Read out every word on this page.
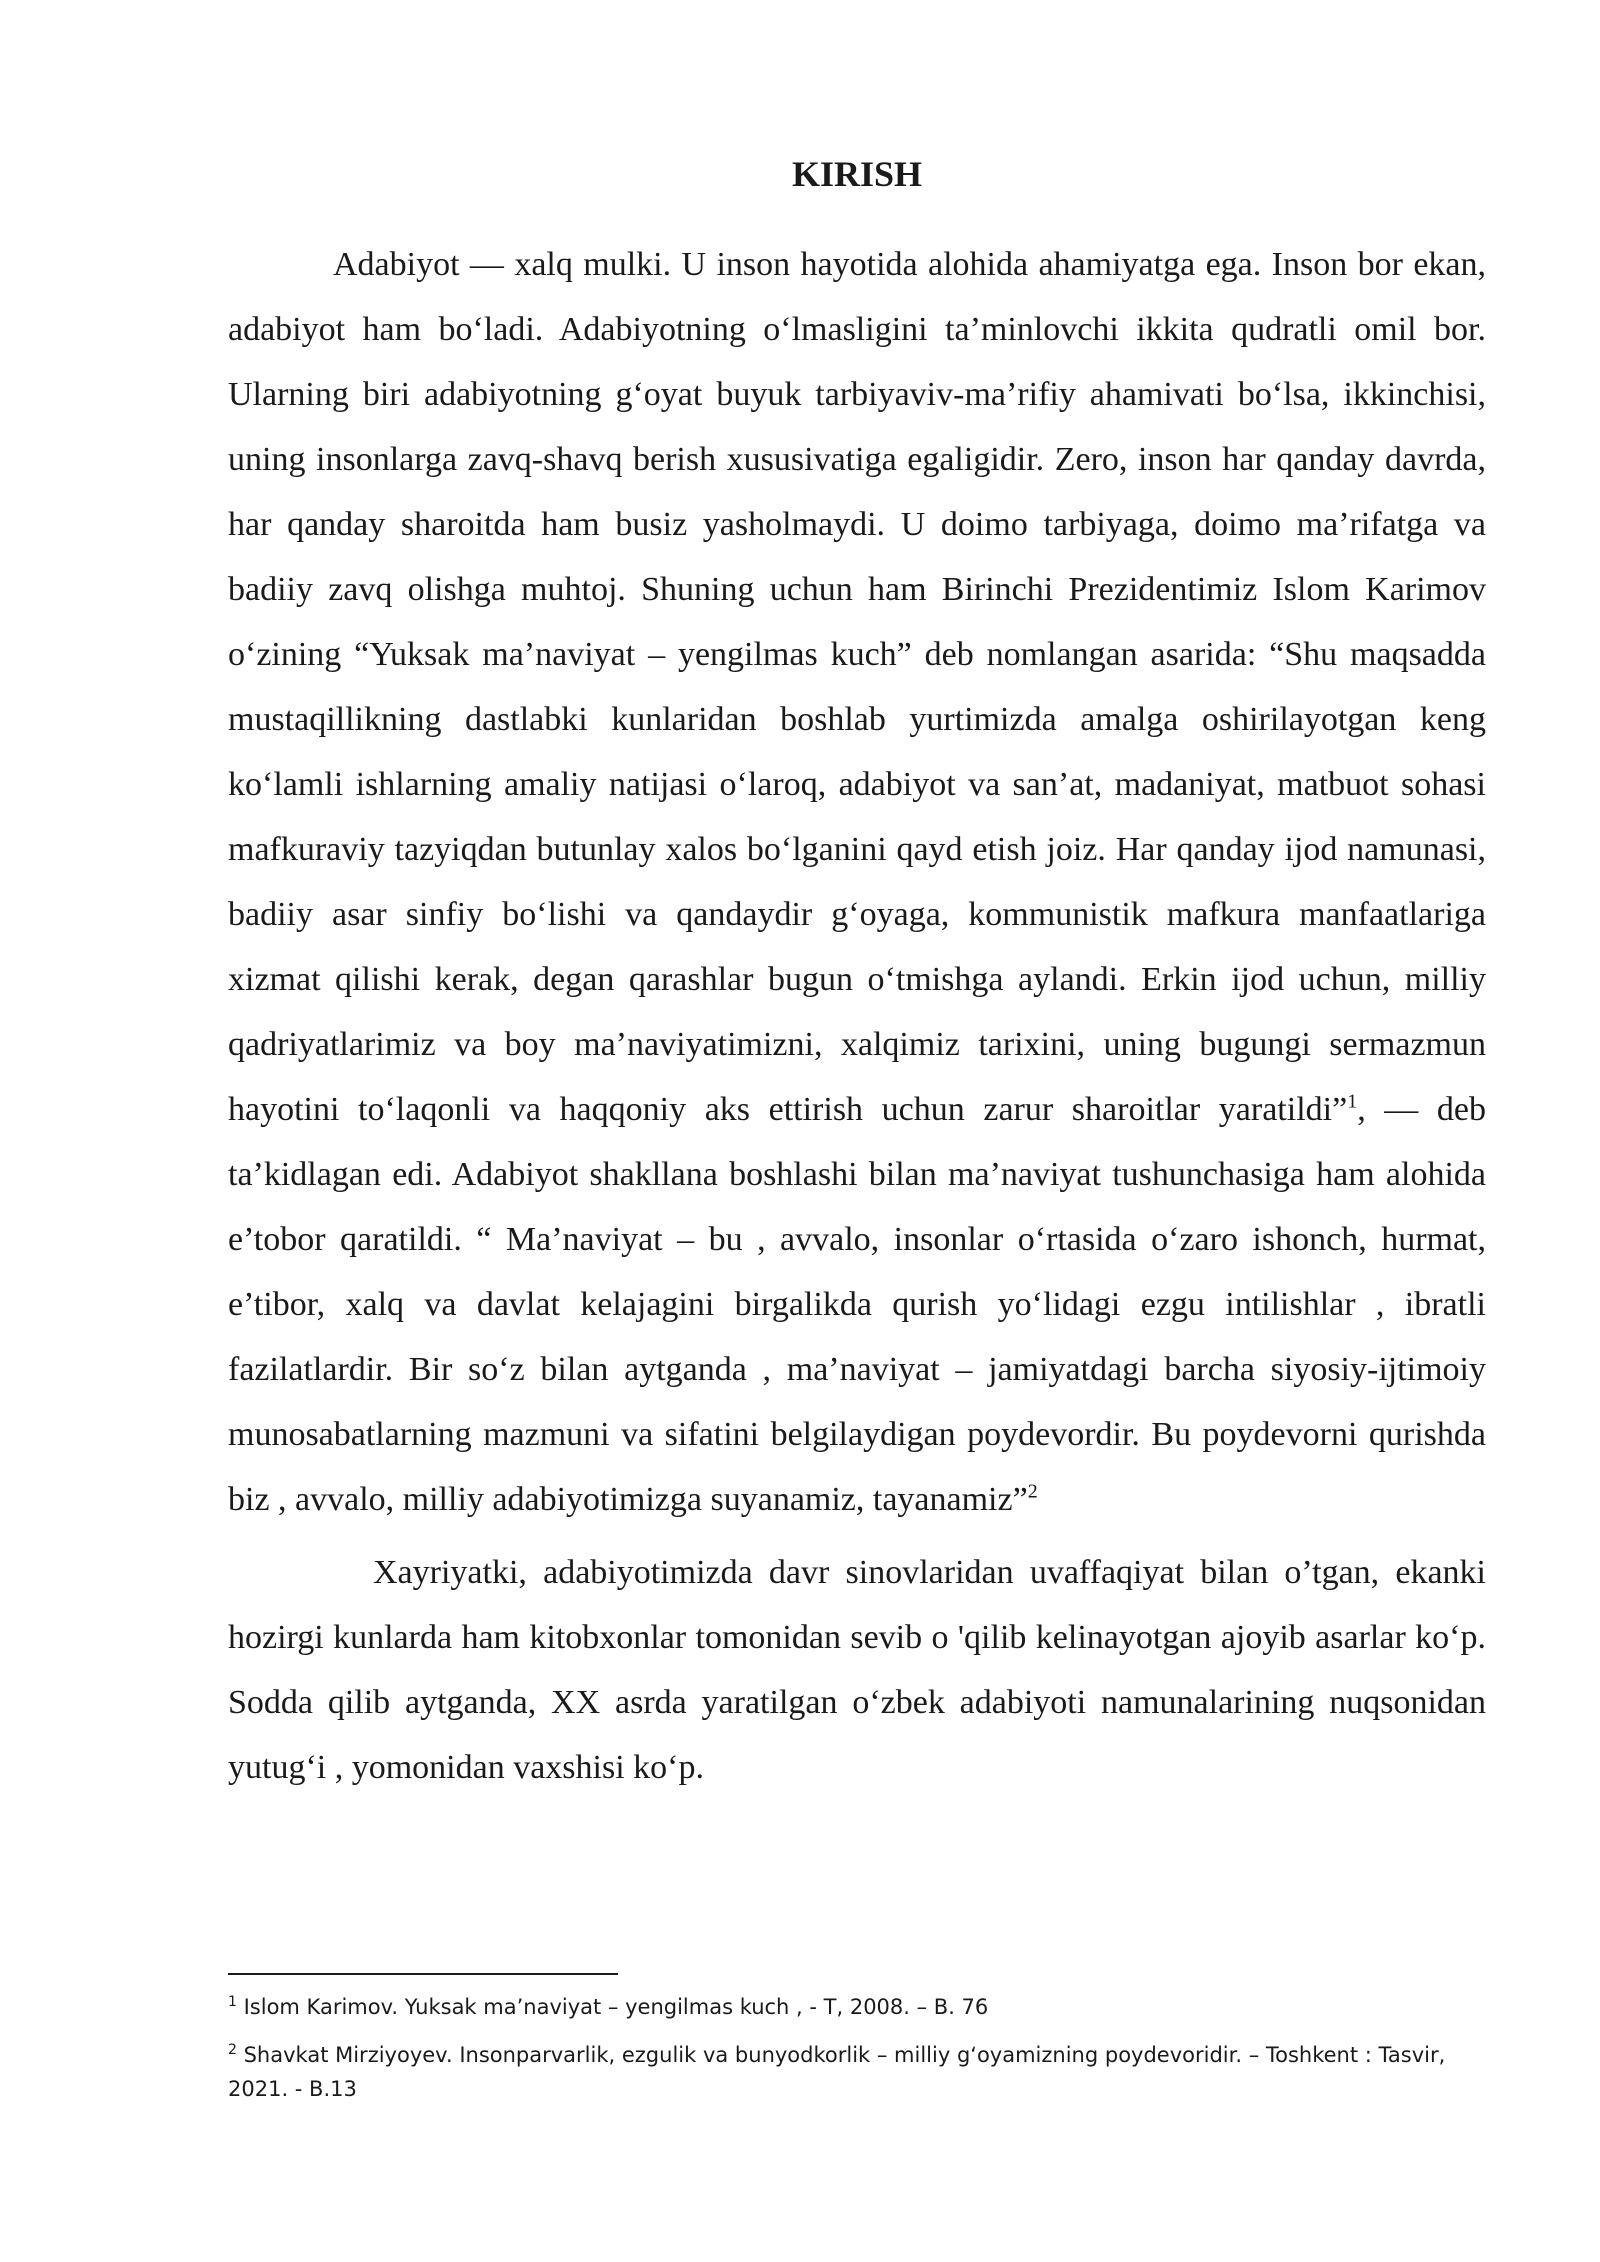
KIRISH

Adabiyot — xalq mulki. U inson hayotida alohida ahamiyatga ega. Inson bor ekan, adabiyot ham bo‘ladi. Adabiyotning o‘lmasligini ta’minlovchi ikkita qudratli omil bor. Ularning biri adabiyotning g‘oyat buyuk tarbiyaviv-ma’rifiy ahamivati bo‘lsa, ikkinchisi, uning insonlarga zavq-shavq berish xususivatiga egaligidir. Zero, inson har qanday davrda, har qanday sharoitda ham busiz yasholmaydi. U doimo tarbiyaga, doimo ma’rifatga va badiiy zavq olishga muhtoj. Shuning uchun ham Birinchi Prezidentimiz Islom Karimov o‘zining “Yuksak ma’naviyat – yengilmas kuch” deb nomlangan asarida: “Shu maqsadda mustaqillikning dastlabki kunlaridan boshlab yurtimizda amalga oshirilayotgan keng ko‘lamli ishlarning amaliy natijasi o‘laroq, adabiyot va san’at, madaniyat, matbuot sohasi mafkuraviy tazyiqdan butunlay xalos bo‘lganini qayd etish joiz. Har qanday ijod namunasi, badiiy asar sinfiy bo‘lishi va qandaydir g‘oyaga, kommunistik mafkura manfaatlariga xizmat qilishi kerak, degan qarashlar bugun o‘tmishga aylandi. Erkin ijod uchun, milliy qadriyatlarimiz va boy ma’naviyatimizni, xalqimiz tarixini, uning bugungi sermazmun hayotini to‘laqonli va haqqoniy aks ettirish uchun zarur sharoitlar yaratildi”$^1$, — deb ta’kidlagan edi. Adabiyot shakllana boshlashi bilan ma’naviyat tushunchasiga ham alohida e’tobor qaratildi. “ Ma’naviyat – bu , avvalo, insonlar o‘rtasida o‘zaro ishonch, hurmat, e’tibor, xalq va davlat kelajagini birgalikda qurish yo‘lidagi ezgu intilishlar , ibratli fazilatlardir. Bir so‘z bilan aytganda , ma’naviyat – jamiyatdagi barcha siyosiy-ijtimoiy munosabatlarning mazmuni va sifatini belgilaydigan poydevordir. Bu poydevorni qurishda biz , avvalo, milliy adabiyotimizga suyanamiz, tayanamiz”$^2$

Xayriyatki, adabiyotimizda davr sinovlaridan uvaffaqiyat bilan o’tgan, ekanki hozirgi kunlarda ham kitobxonlar tomonidan sevib o 'qilib kelinayotgan ajoyib asarlar ko‘p. Sodda qilib aytganda, XX asrda yaratilgan o‘zbek adabiyoti namunalarining nuqsonidan yutug‘i , yomonidan vaxshisi ko‘p.

$^1$ Islom Karimov. Yuksak ma’naviyat – yengilmas kuch , - T, 2008. – B. 76

$^2$ Shavkat Mirziyoyev. Insonparvarlik, ezgulik va bunyodkorlik – milliy g‘oyamizning poydevoridir. – Toshkent : Tasvir, 2021. - B.13
